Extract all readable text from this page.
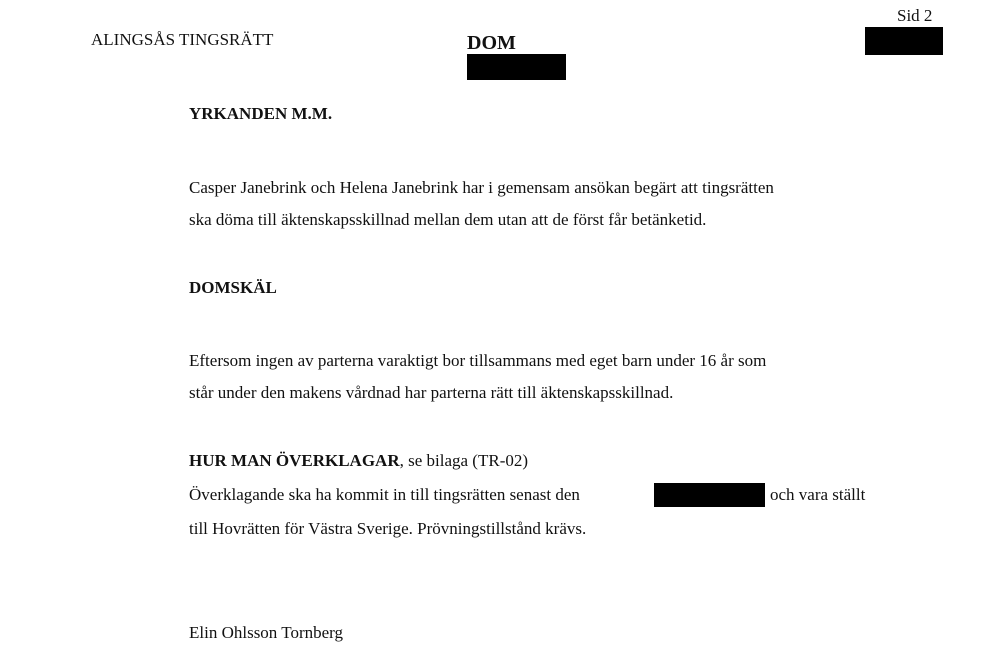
ALINGSÅS TINGSRÄTT	DOM
Sid 2
YRKANDEN M.M.
Casper Janebrink och Helena Janebrink har i gemensam ansökan begärt att tingsrätten
ska döma till äktenskapsskillnad mellan dem utan att de först får betänketid.
DOMSKÄL
Eftersom ingen av parterna varaktigt bor tillsammans med eget barn under 16 år som
står under den makens vårdnad har parterna rätt till äktenskapsskillnad.
HUR MAN ÖVERKLAGAR, se bilaga (TR-02)
Överklagande ska ha kommit in till tingsrätten senast den	och vara ställt
till Hovrätten för Västra Sverige. Prövningstillstånd krävs.
Elin Ohlsson Tornberg
